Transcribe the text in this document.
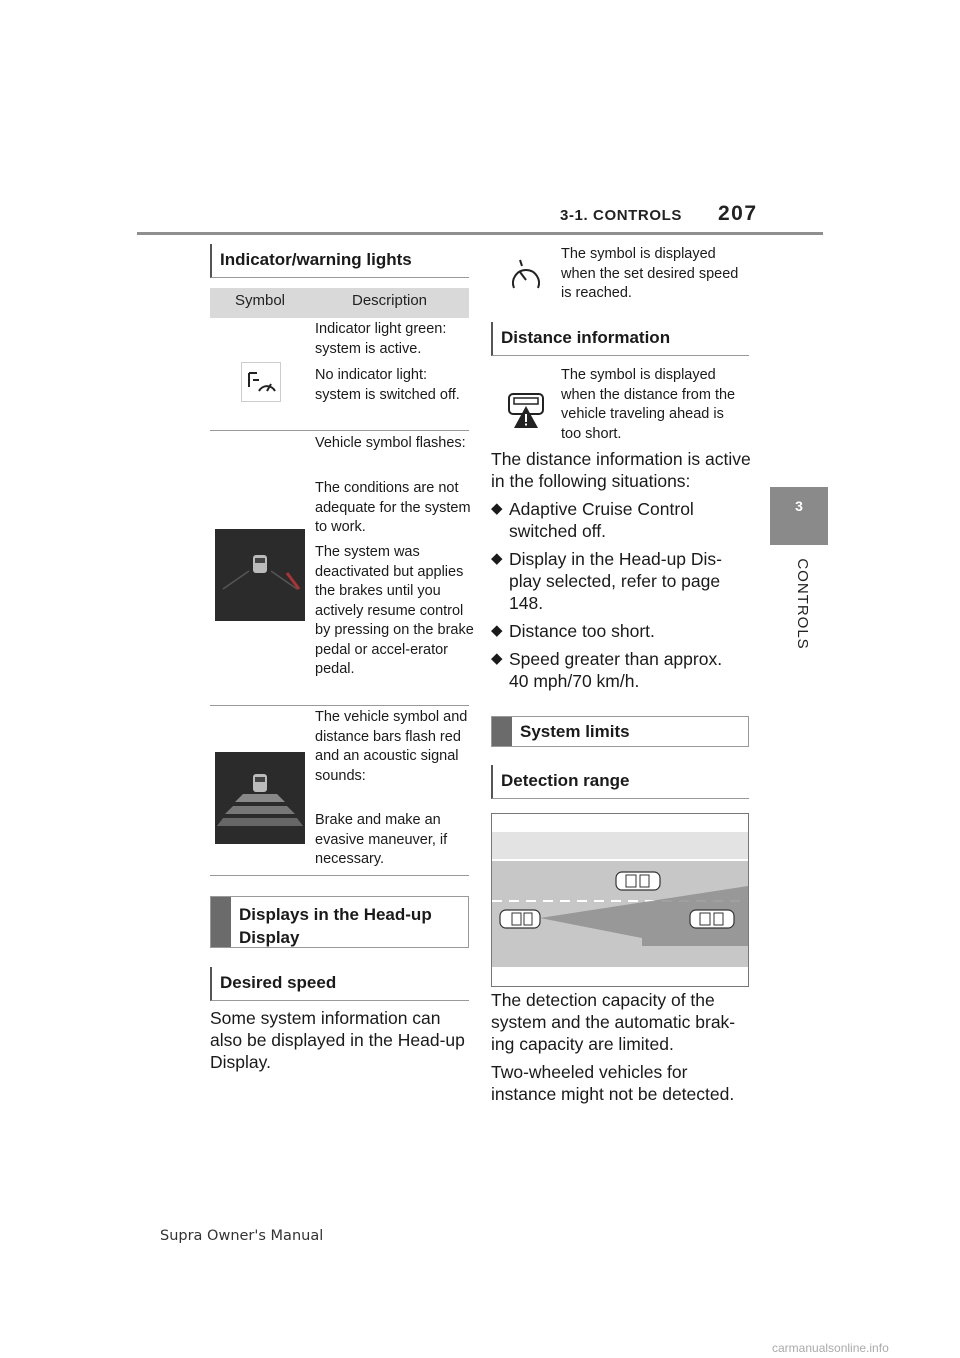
3-1. CONTROLS 207
3
CONTROLS
Indicator/warning lights
Symbol	Description
Indicator light green: system is active.
No indicator light: system is switched off.
Vehicle symbol flashes:
The conditions are not adequate for the system to work.
The system was deactivated but applies the brakes until you actively resume control by pressing on the brake pedal or accel-erator pedal.
The vehicle symbol and distance bars flash red and an acoustic signal sounds:
Brake and make an evasive maneuver, if necessary.
Displays in the Head-up Display
Desired speed
Some system information can also be displayed in the Head-up Display.
The symbol is displayed when the set desired speed is reached.
Distance information
The symbol is displayed when the distance from the vehicle traveling ahead is too short.
The distance information is active in the following situations:
◆ Adaptive Cruise Control switched off.
◆ Display in the Head-up Dis-play selected, refer to page 148.
◆ Distance too short.
◆ Speed greater than approx. 40 mph/70 km/h.
System limits
Detection range
The detection capacity of the system and the automatic brak-ing capacity are limited.
Two-wheeled vehicles for instance might not be detected.
Supra Owner's Manual
carmanualsonline.info
